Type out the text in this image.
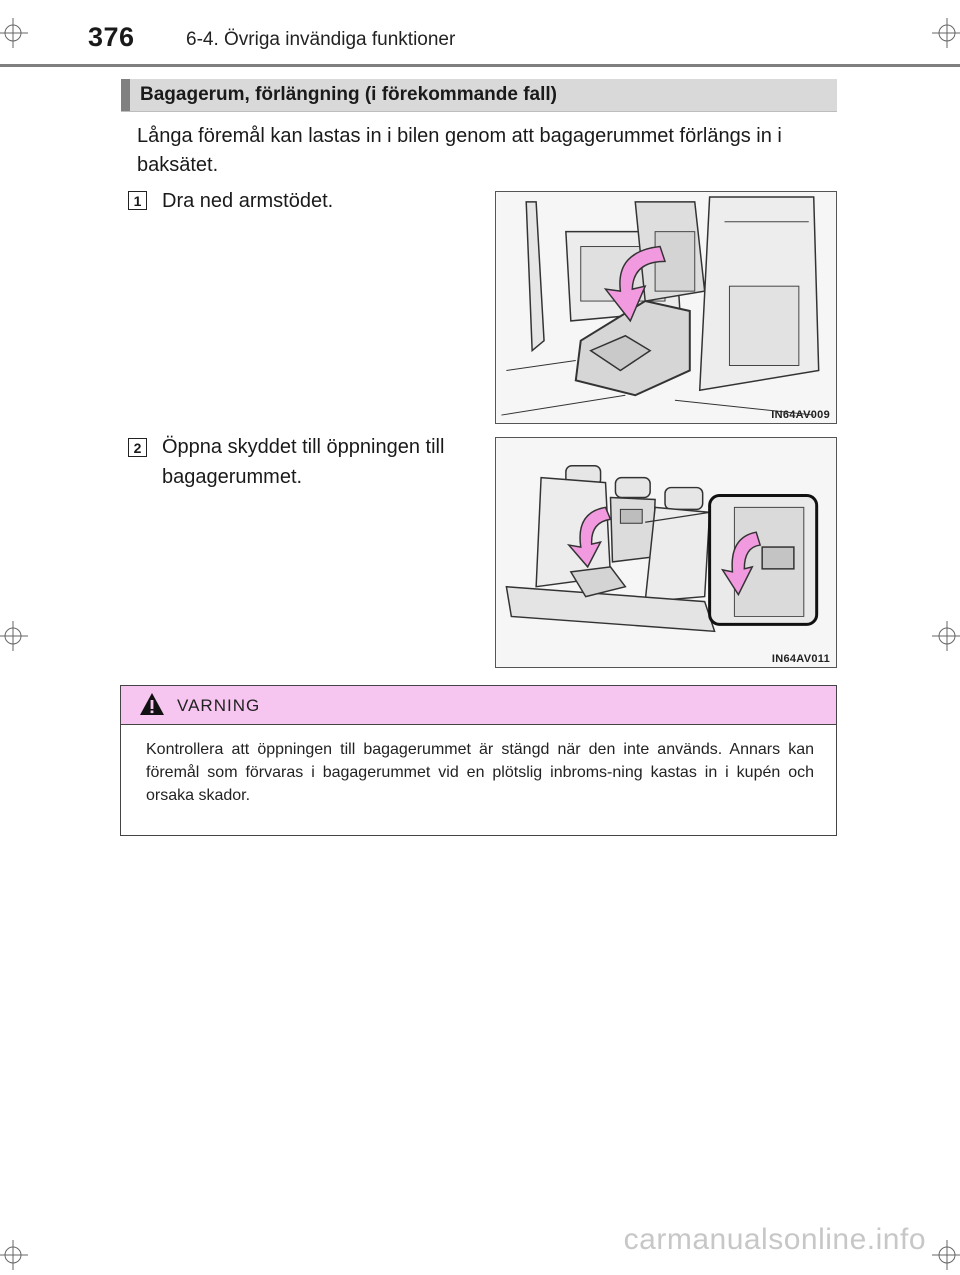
376	6-4. Övriga invändiga funktioner
Bagagerum, förlängning (i förekommande fall)
Långa föremål kan lastas in i bilen genom att bagagerummet förlängs in i baksätet.
1 Dra ned armstödet.
IN64AV009
2 Öppna skyddet till öppningen till bagagerummet.
IN64AV011
VARNING
Kontrollera att öppningen till bagagerummet är stängd när den inte används. Annars kan föremål som förvaras i bagagerummet vid en plötslig inbroms-ning kastas in i kupén och orsaka skador.
carmanualsonline.info
